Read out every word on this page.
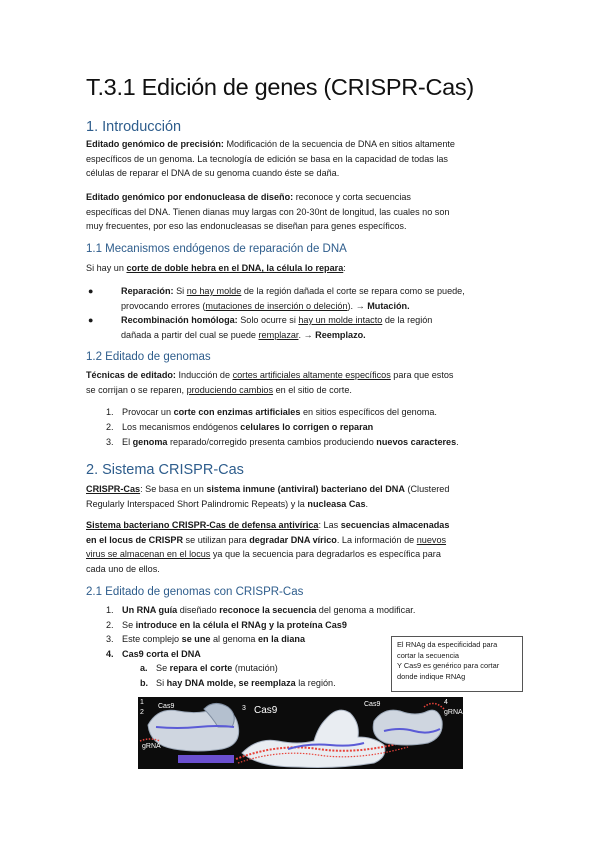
T.3.1 Edición de genes (CRISPR-Cas)
1. Introducción
Editado genómico de precisión: Modificación de la secuencia de DNA en sitios altamente
específicos de un genoma. La tecnología de edición se basa en la capacidad de todas las
células de reparar el DNA de su genoma cuando éste se daña.
Editado genómico por endonucleasa de diseño: reconoce y corta secuencias
específicas del DNA. Tienen dianas muy largas con 20-30nt de longitud, las cuales no son
muy frecuentes, por eso las endonucleasas se diseñan para genes específicos.
1.1 Mecanismos endógenos de reparación de DNA
Si hay un corte de doble hebra en el DNA, la célula lo repara:
●	Reparación: Si no hay molde de la región dañada el corte se repara como se puede,
provocando errores (mutaciones de inserción o deleción). → Mutación.
●	Recombinación homóloga: Solo ocurre si hay un molde intacto de la región
dañada a partir del cual se puede remplazar. → Reemplazo.
1.2 Editado de genomas
Técnicas de editado: Inducción de cortes artificiales altamente específicos para que estos
se corrijan o se reparen, produciendo cambios en el sitio de corte.
1. Provocar un corte con enzimas artificiales en sitios específicos del genoma.
2. Los mecanismos endógenos celulares lo corrigen o reparan
3. El genoma reparado/corregido presenta cambios produciendo nuevos caracteres.
2. Sistema CRISPR-Cas
CRISPR-Cas: Se basa en un sistema inmune (antiviral) bacteriano del DNA (Clustered
Regularly Interspaced Short Palindromic Repeats) y la nucleasa Cas.
Sistema bacteriano CRISPR-Cas de defensa antivírica: Las secuencias almacenadas
en el locus de CRISPR se utilizan para degradar DNA vírico. La información de nuevos
virus se almacenan en el locus ya que la secuencia para degradarlos es específica para
cada uno de ellos.
2.1 Editado de genomas con CRISPR-Cas
1. Un RNA guía diseñado reconoce la secuencia del genoma a modificar.
2. Se introduce en la célula el RNAg y la proteína Cas9
3. Este complejo se une al genoma en la diana
4. Cas9 corta el DNA
a. Se repara el corte (mutación)
b. Si hay DNA molde, se reemplaza la región.
El RNAg da especificidad para
cortar la secuencia
Y Cas9 es genérico para cortar
donde indique RNAg
1
2
Cas9	3 Cas9
Cas9	4
gRNA
gRNA
